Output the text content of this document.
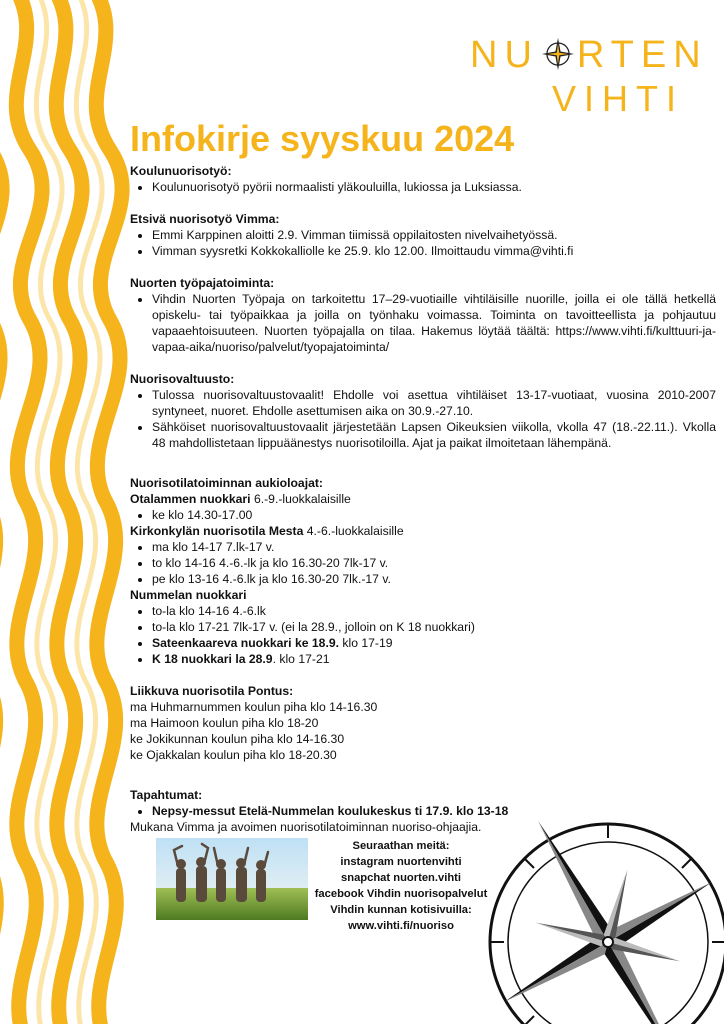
NU RTEN
VIHTI
Infokirje syyskuu 2024

Koulunuorisotyö:

• Koulunuorisotyö pyörii normaalisti yläkouluilla, lukiossa ja Luksiassa.

Etsivä nuorisotyö Vimma:

• Emmi Karppinen aloitti 2.9. Vimman tiimissä oppilaitosten nivelvaihetyössä.
• Vimman syysretki Kokkokalliolle ke 25.9. klo 12.00. Ilmoittaudu vimma@vihti.fi

Nuorten työpajatoiminta:

• Vihdin Nuorten Työpaja on tarkoitettu 17–29-vuotiaille vihtiläisille nuorille, joilla ei ole tällä hetkellä opiskelu- tai työpaikkaa ja joilla on työnhaku voimassa. Toiminta on tavoitteellista ja pohjautuu vapaaehtoisuuteen. Nuorten työpajalla on tilaa. Hakemus löytää täältä: https://www.vihti.fi/kulttuuri-ja-vapaa-aika/nuoriso/palvelut/tyopajatoiminta/

Nuorisovaltuusto:

• Tulossa nuorisovaltuustovaalit! Ehdolle voi asettua vihtiläiset 13-17-vuotiaat, vuosina 2010-2007 syntyneet, nuoret. Ehdolle asettumisen aika on 30.9.-27.10.
• Sähköiset nuorisovaltuustovaalit järjestetään Lapsen Oikeuksien viikolla, vkolla 47 (18.-22.11.). Vkolla 48 mahdollistetaan lippuäänestys nuorisotiloilla. Ajat ja paikat ilmoitetaan lähempänä.

Nuorisotilatoiminnan aukioloajat:

Otalammen nuokkari 6.-9.-luokkalaisille

• ke klo 14.30-17.00

Kirkonkylän nuorisotila Mesta 4.-6.-luokkalaisille

• ma klo 14-17 7.lk-17 v.
• to klo 14-16 4.-6.-lk ja klo 16.30-20 7lk-17 v.
• pe klo 13-16 4.-6.lk ja klo 16.30-20 7lk.-17 v.

Nummelan nuokkari

• to-la klo 14-16 4.-6.lk
• to-la klo 17-21 7lk-17 v. (ei la 28.9., jolloin on K 18 nuokkari)
• Sateenkaareva nuokkari ke 18.9. klo 17-19
• K 18 nuokkari la 28.9. klo 17-21

Liikkuva nuorisotila Pontus:

ma Huhmarnummen koulun piha klo 14-16.30

ma Haimoon koulun piha klo 18-20

ke Jokikunnan koulun piha klo 14-16.30

ke Ojakkalan koulun piha klo 18-20.30

Tapahtumat:

• Nepsy-messut Etelä-Nummelan koulukeskus ti 17.9. klo 13-18

Mukana Vimma ja avoimen nuorisotilatoiminnan nuoriso-ohjaajia.

Seuraathan meitä:
instagram nuortenvihti
snapchat nuorten.vihti
facebook Vihdin nuorisopalvelut
Vihdin kunnan kotisivuilla:
www.vihti.fi/nuoriso
